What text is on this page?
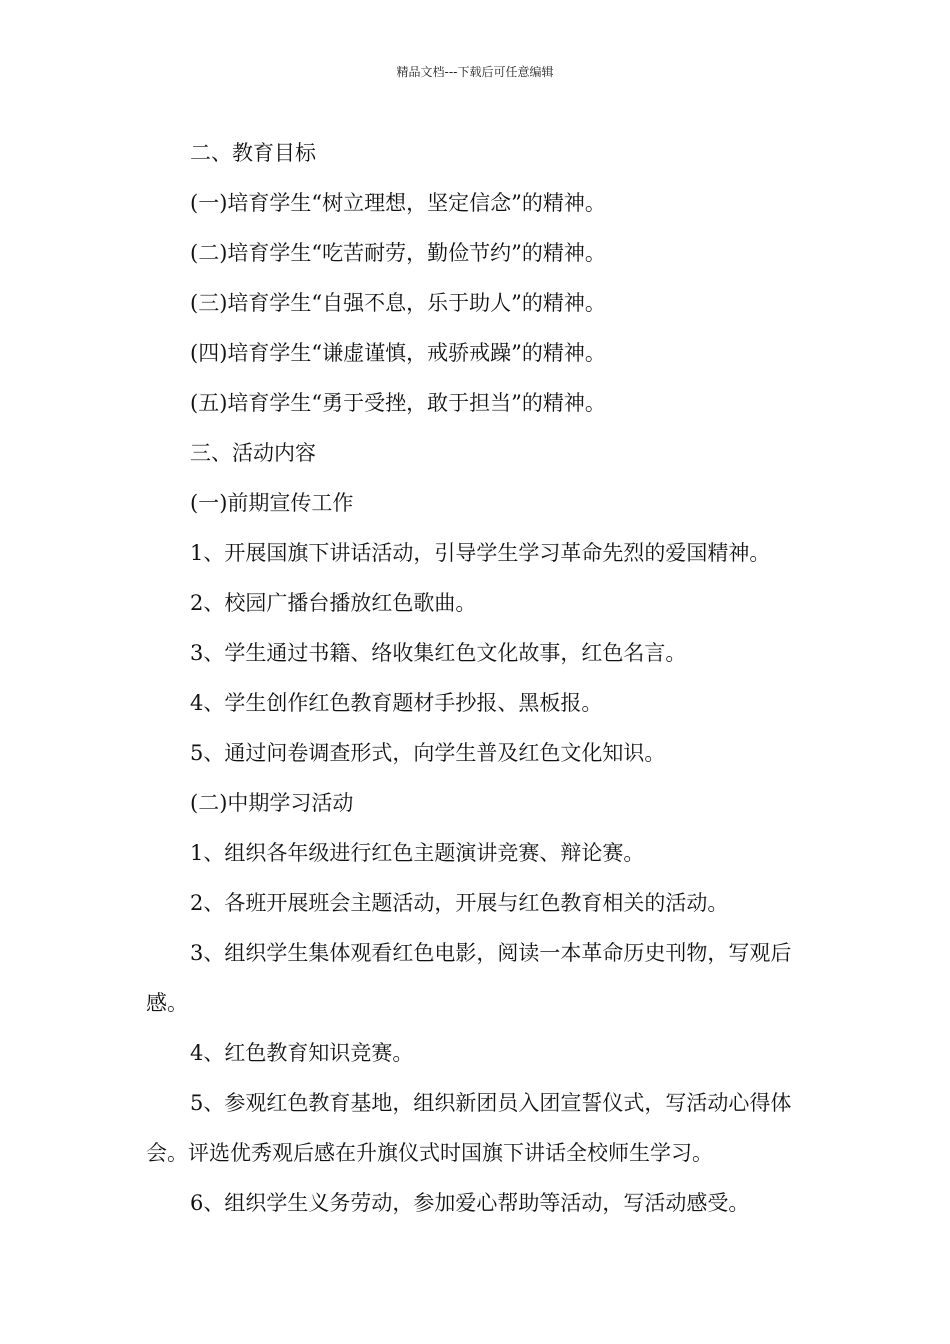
精品文档---下载后可任意编辑

二、教育目标

(一)培育学生“树立理想，坚定信念”的精神。

(二)培育学生“吃苦耐劳，勤俭节约”的精神。

(三)培育学生“自强不息，乐于助人”的精神。

(四)培育学生“谦虚谨慎，戒骄戒躁”的精神。

(五)培育学生“勇于受挫，敢于担当”的精神。

三、活动内容

(一)前期宣传工作

1、开展国旗下讲话活动，引导学生学习革命先烈的爱国精神。

2、校园广播台播放红色歌曲。

3、学生通过书籍、络收集红色文化故事，红色名言。

4、学生创作红色教育题材手抄报、黑板报。

5、通过问卷调查形式，向学生普及红色文化知识。

(二)中期学习活动

1、组织各年级进行红色主题演讲竞赛、辩论赛。

2、各班开展班会主题活动，开展与红色教育相关的活动。

3、组织学生集体观看红色电影，阅读一本革命历史刊物，写观后感。

4、红色教育知识竞赛。

5、参观红色教育基地，组织新团员入团宣誓仪式，写活动心得体会。评选优秀观后感在升旗仪式时国旗下讲话全校师生学习。

6、组织学生义务劳动，参加爱心帮助等活动，写活动感受。
